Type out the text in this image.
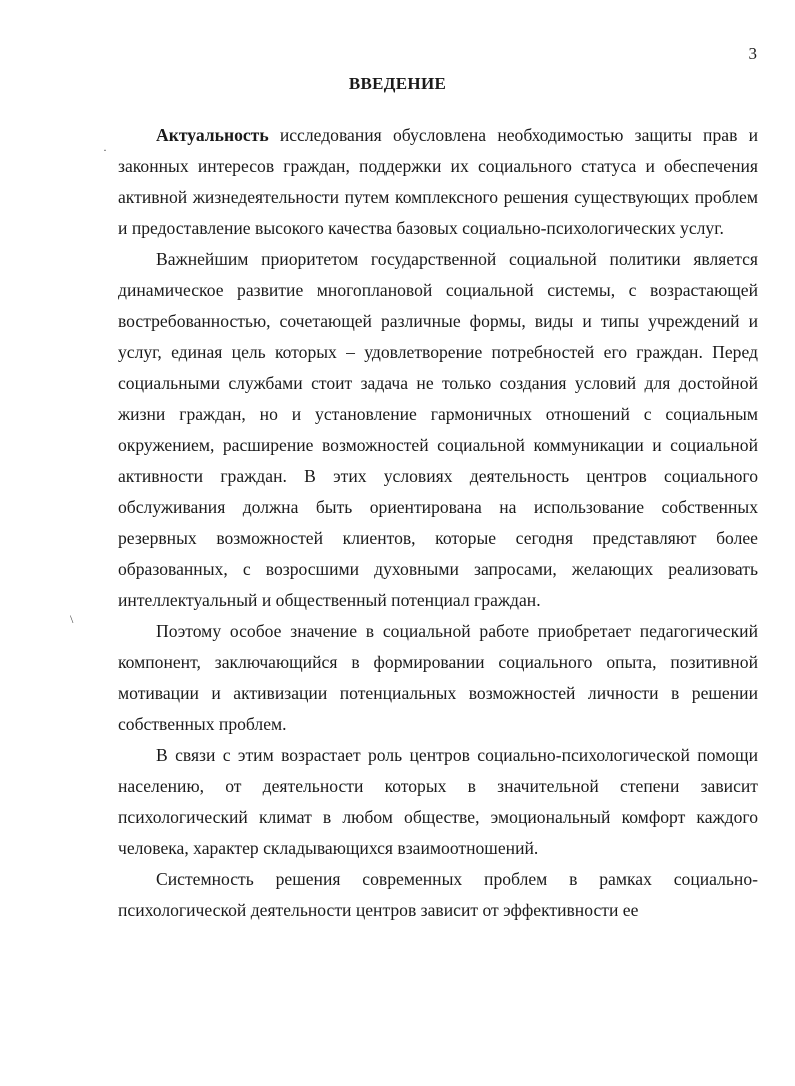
3
ВВЕДЕНИЕ
·
\

Актуальность исследования обусловлена необходимостью защиты прав и законных интересов граждан, поддержки их социального статуса и обеспечения активной жизнедеятельности путем комплексного решения существующих проблем и предоставление высокого качества базовых социально-психологических услуг.

Важнейшим приоритетом государственной социальной политики является динамическое развитие многоплановой социальной системы, с возрастающей востребованностью, сочетающей различные формы, виды и типы учреждений и услуг, единая цель которых – удовлетворение потребностей его граждан. Перед социальными службами стоит задача не только создания условий для достойной жизни граждан, но и установление гармоничных отношений с социальным окружением, расширение возможностей социальной коммуникации и социальной активности граждан. В этих условиях деятельность центров социального обслуживания должна быть ориентирована на использование собственных резервных возможностей клиентов, которые сегодня представляют более образованных, с возросшими духовными запросами, желающих реализовать интеллектуальный и общественный потенциал граждан.

Поэтому особое значение в социальной работе приобретает педагогический компонент, заключающийся в формировании социального опыта, позитивной мотивации и активизации потенциальных возможностей личности в решении собственных проблем.

В связи с этим возрастает роль центров социально-психологической помощи населению, от деятельности которых в значительной степени зависит психологический климат в любом обществе, эмоциональный комфорт каждого человека, характер складывающихся взаимоотношений.

Системность решения современных проблем в рамках социально-психологической деятельности центров зависит от эффективности ее
